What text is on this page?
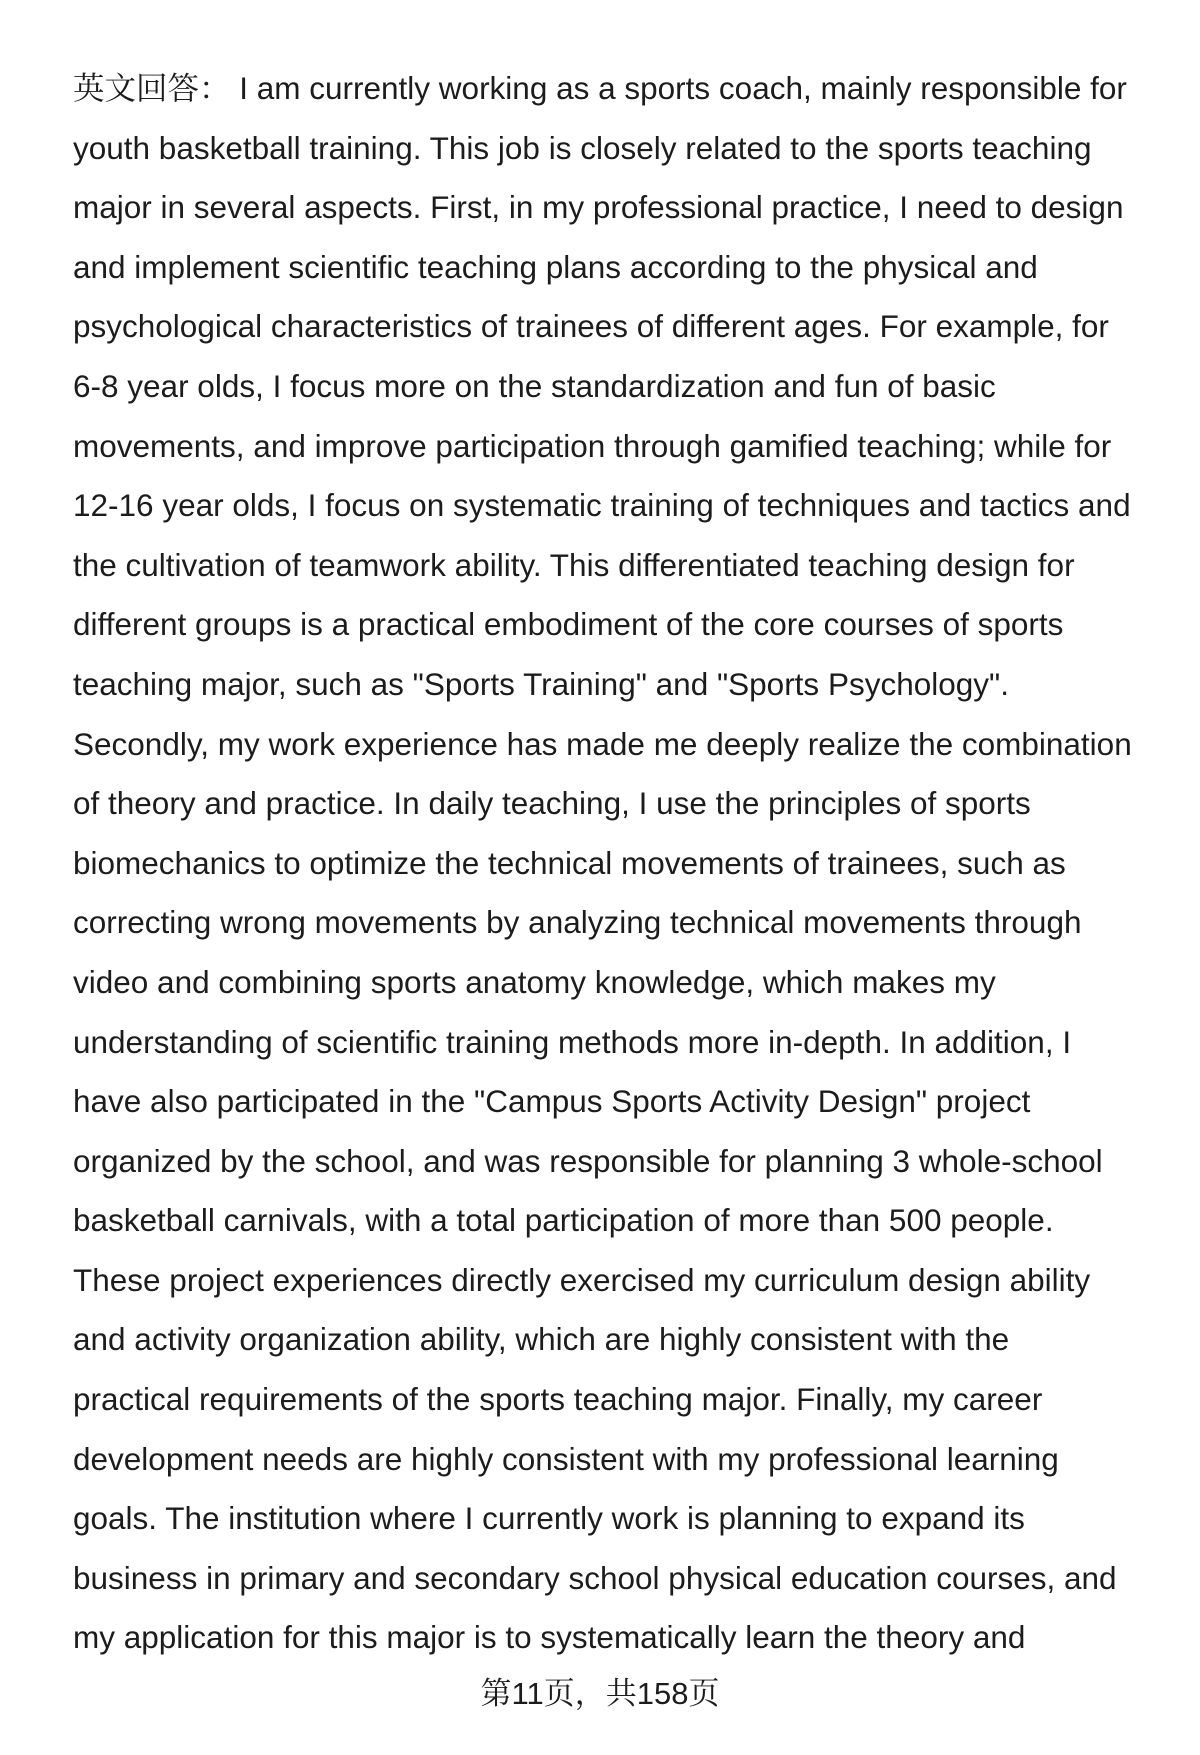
英文回答： I am currently working as a sports coach, mainly responsible for
youth basketball training. This job is closely related to the sports teaching
major in several aspects. First, in my professional practice, I need to design
and implement scientific teaching plans according to the physical and
psychological characteristics of trainees of different ages. For example, for
6-8 year olds, I focus more on the standardization and fun of basic
movements, and improve participation through gamified teaching; while for
12-16 year olds, I focus on systematic training of techniques and tactics and
the cultivation of teamwork ability. This differentiated teaching design for
different groups is a practical embodiment of the core courses of sports
teaching major, such as "Sports Training" and "Sports Psychology".
Secondly, my work experience has made me deeply realize the combination
of theory and practice. In daily teaching, I use the principles of sports
biomechanics to optimize the technical movements of trainees, such as
correcting wrong movements by analyzing technical movements through
video and combining sports anatomy knowledge, which makes my
understanding of scientific training methods more in-depth. In addition, I
have also participated in the "Campus Sports Activity Design" project
organized by the school, and was responsible for planning 3 whole-school
basketball carnivals, with a total participation of more than 500 people.
These project experiences directly exercised my curriculum design ability
and activity organization ability, which are highly consistent with the
practical requirements of the sports teaching major. Finally, my career
development needs are highly consistent with my professional learning
goals. The institution where I currently work is planning to expand its
business in primary and secondary school physical education courses, and
my application for this major is to systematically learn the theory and
第11页，共158页
